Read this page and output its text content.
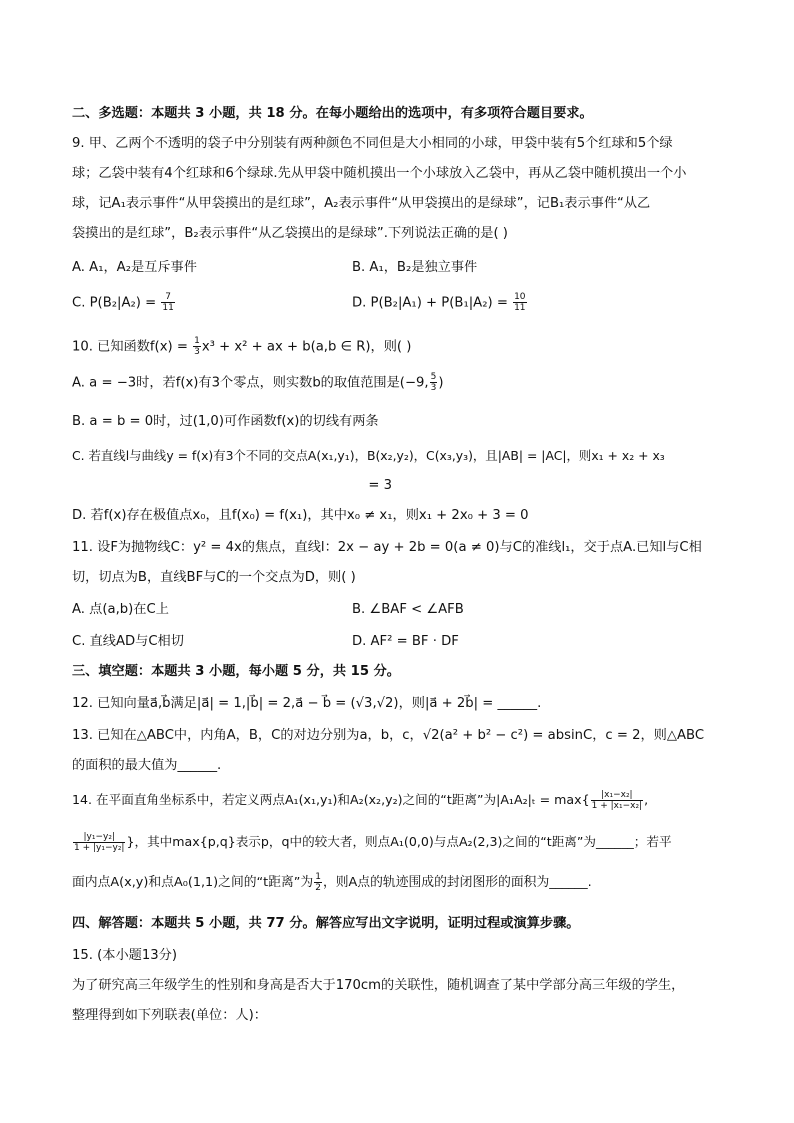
二、多选题：本题共 3 小题，共 18 分。在每小题给出的选项中，有多项符合题目要求。
9. 甲、乙两个不透明的袋子中分别装有两种颜色不同但是大小相同的小球，甲袋中装有5个红球和5个绿
球；乙袋中装有4个红球和6个绿球.先从甲袋中随机摸出一个小球放入乙袋中，再从乙袋中随机摸出一个小
球，记A₁表示事件“从甲袋摸出的是红球”，A₂表示事件“从甲袋摸出的是绿球”，记B₁表示事件“从乙
袋摸出的是红球”，B₂表示事件“从乙袋摸出的是绿球”.下列说法正确的是( )
A. A₁，A₂是互斥事件	B. A₁，B₂是独立事件
C. $P(B_2|A_2) = \frac{7}{11}$	D. $P(B_2|A_1) + P(B_1|A_2) = \frac{10}{11}$
10. 已知函数$f(x) = \frac{1}{3} x^3 + x^2$ + ax + b(a,b ∈ R)，则( )
A. a = −3时，若f(x)有3个零点，则实数b的取值范围是(−9, $\frac{5}{3}$ )
B. a = b = 0时，过(1,0)可作函数f(x)的切线有两条
C. 若直线l与曲线y = f(x)有3个不同的交点A(x₁,y₁)，B(x₂,y₂)，C(x₃,y₃)，且|AB| = |AC|，则x₁ + x₂ + x₃
= 3
D. 若f(x)存在极值点x₀，且f(x₀) = f(x₁)，其中x₀ ≠ x₁，则x₁ + 2x₀ + 3 = 0
11. 设F为抛物线C：y² = 4x的焦点，直线l：2x − ay + 2b = 0(a ≠ 0)与C的准线l₁，交于点A.已知l与C相
切，切点为B，直线BF与C的一个交点为D，则( )
A. 点(a,b)在C上	B. ∠BAF < ∠AFB
C. 直线AD与C相切	D. AF² = BF · DF
三、填空题：本题共 3 小题，每小题 5 分，共 15 分。
12. 已知向量a⃗,b⃗满足|a⃗| = 1,|b⃗| = 2,a⃗ − b⃗ = (√3,√2)，则|a⃗ + 2b⃗| = ______.
13. 已知在△ABC中，内角A，B，C的对边分别为a，b，c，√2(a² + b² − c²) = absinC，c = 2，则△ABC
的面积的最大值为______.
14. 在平面直角坐标系中，若定义两点A₁(x₁,y₁)和A₂(x₂,y₂)之间的“t距离”为$|A_1A_2|_t = \max\{ \frac{\text{|x₁−x₂|}}{\text{1 + |x₁−x₂|}}$ ,
$\frac{\text{|y₁−y₂|}}{\text{1 + |y₁−y₂|}}$ }，其中max{p,q}表示p，q中的较大者，则点A₁(0,0)与点A₂(2,3)之间的“t距离”为______；若平
面内点A(x,y)和点A₀(1,1)之间的“t距离”为 $\frac{1}{2}$ ，则A点的轨迹围成的封闭图形的面积为______.
四、解答题：本题共 5 小题，共 77 分。解答应写出文字说明，证明过程或演算步骤。
15. (本小题13分)
为了研究高三年级学生的性别和身高是否大于170cm的关联性，随机调查了某中学部分高三年级的学生，
整理得到如下列联表(单位：人)：
